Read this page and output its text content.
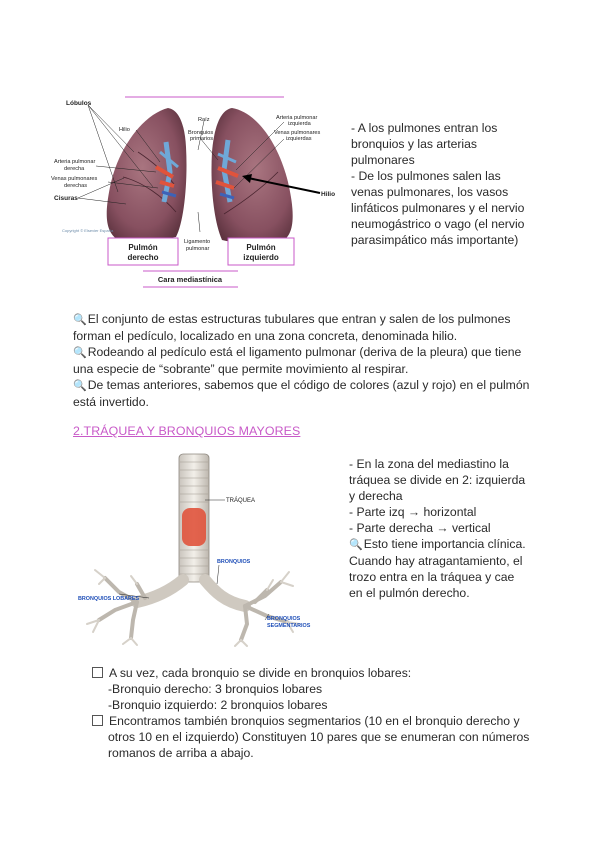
Lóbulos
Hilio
Arteria pulmonar
derecha
Venas pulmonares
derechas
Cisuras
Raíz
Bronquios
primarios
Arteria pulmonar
izquierda
Venas pulmonares
izquierdas
Hilio
Ligamento
pulmonar
Copyright © Elsevier España
Pulmón
derecho
Pulmón
izquierdo
Cara mediastínica
- A los pulmones entran los
bronquios y las arterias
pulmonares
- De los pulmones salen las
venas pulmonares, los vasos
linfáticos pulmonares y el nervio
neumogástrico o vago (el nervio
parasimpático más importante)
🔍El conjunto de estas estructuras tubulares que entran y salen de los pulmones
forman el pedículo, localizado en una zona concreta, denominada hilio.
🔍Rodeando al pedículo está el ligamento pulmonar (deriva de la pleura) que tiene
una especie de “sobrante” que permite movimiento al respirar.
🔍De temas anteriores, sabemos que el código de colores (azul y rojo) en el pulmón
está invertido.
2.TRÁQUEA Y BRONQUIOS MAYORES
TRÁQUEA
BRONQUIOS
BRONQUIOS LOBARES
BRONQUIOS
SEGMENTARIOS
- En la zona del mediastino la
tráquea se divide en 2: izquierda
y derecha
- Parte izq → horizontal
- Parte derecha → vertical
🔍Esto tiene importancia clínica.
Cuando hay atragantamiento, el
trozo entra en la tráquea y cae
en el pulmón derecho.
A su vez, cada bronquio se divide en bronquios lobares:
-Bronquio derecho: 3 bronquios lobares
-Bronquio izquierdo: 2 bronquios lobares
Encontramos también bronquios segmentarios (10 en el bronquio derecho y
otros 10 en el izquierdo) Constituyen 10 pares que se enumeran con números
romanos de arriba a abajo.
